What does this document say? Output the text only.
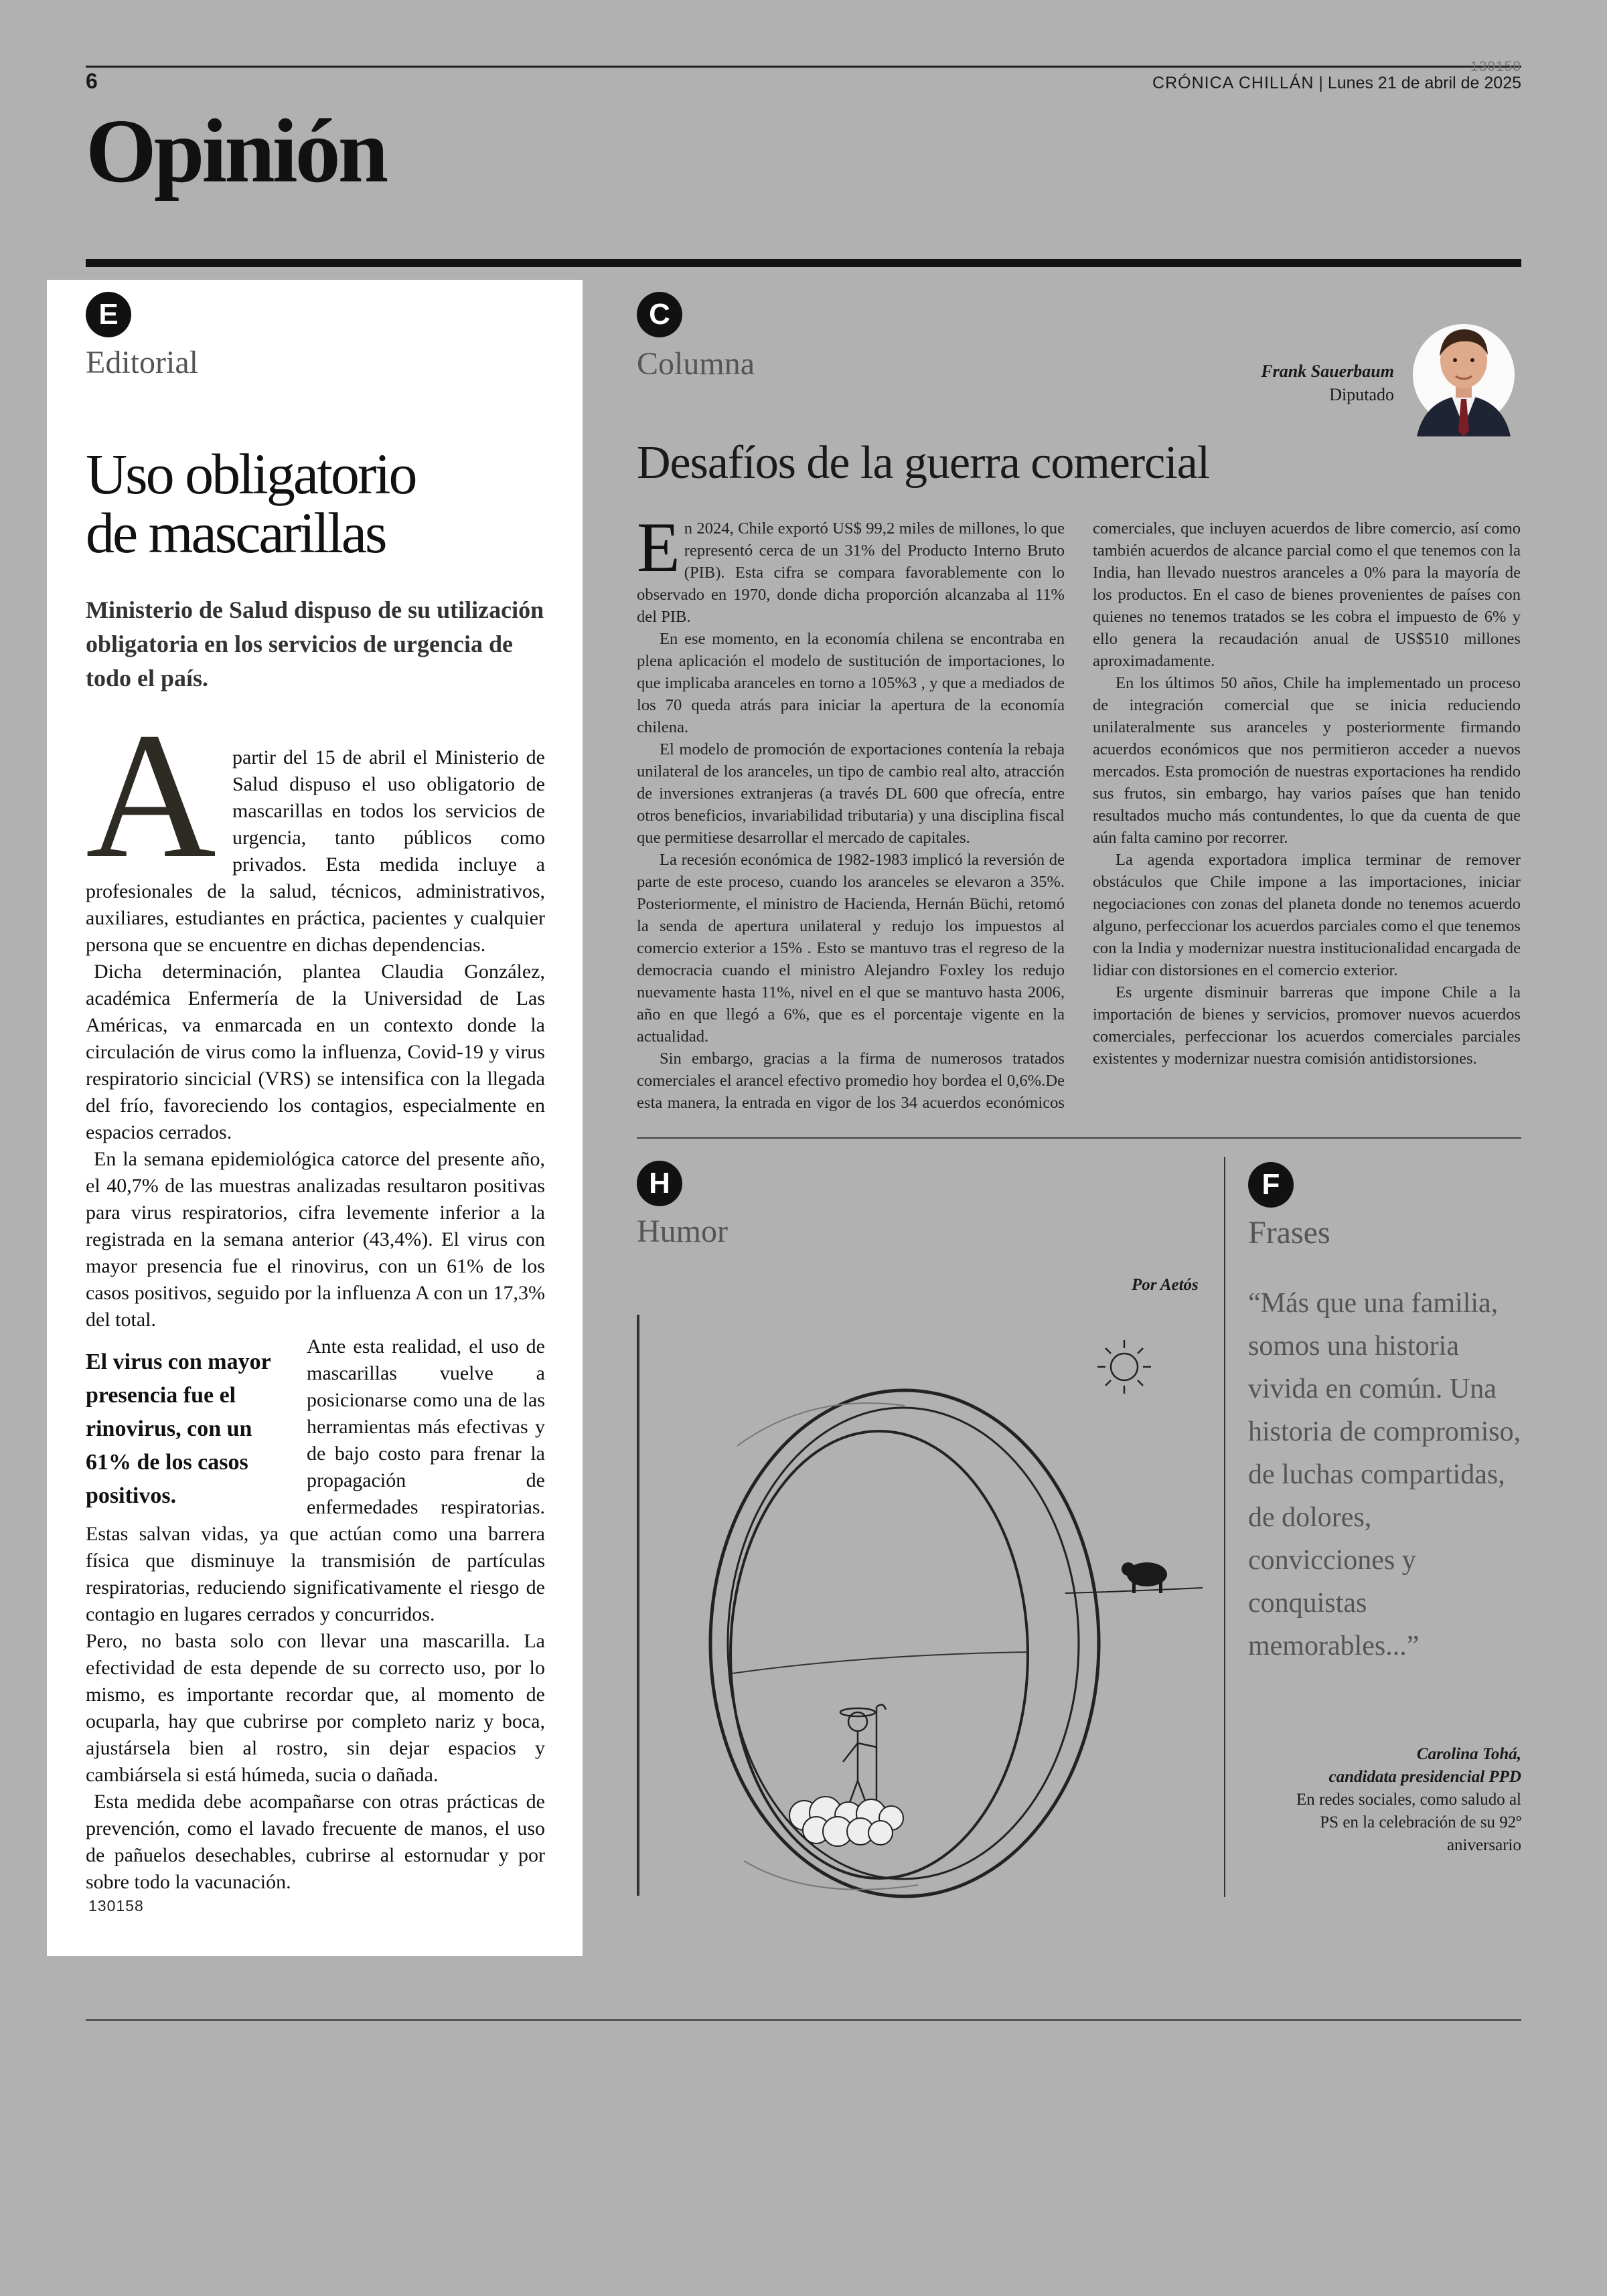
6
130158
CRÓNICA CHILLÁN | Lunes 21 de abril de 2025
Opinión
E
Editorial
Uso obligatorio
de mascarillas
Ministerio de Salud dispuso de su utilización obligatoria en los servicios de urgencia de todo el país.
A partir del 15 de abril el Ministerio de Salud dispuso el uso obligatorio de mascarillas en todos los servicios de urgencia, tanto públicos como privados. Esta medida incluye a profesionales de la salud, técnicos, administrativos, auxiliares, estudiantes en práctica, pacientes y cualquier persona que se encuentre en dichas dependencias.
Dicha determinación, plantea Claudia González, académica Enfermería de la Universidad de Las Américas, va enmarcada en un contexto donde la circulación de virus como la influenza, Covid-19 y virus respiratorio sincicial (VRS) se intensifica con la llegada del frío, favoreciendo los contagios, especialmente en espacios cerrados.
En la semana epidemiológica catorce del presente año, el 40,7% de las muestras analizadas resultaron positivas para virus respiratorios, cifra levemente inferior a la registrada en la semana anterior (43,4%). El virus con mayor presencia fue el rinovirus, con un 61% de los casos positivos, seguido por la influenza A con un 17,3% del total.
El virus con mayor presencia fue el rinovirus, con un 61% de los casos positivos.
Ante esta realidad, el uso de mascarillas vuelve a posicionarse como una de las herramientas más efectivas y de bajo costo para frenar la propagación de enfermedades respiratorias. Estas salvan vidas, ya que actúan como una barrera física que disminuye la transmisión de partículas respiratorias, reduciendo significativamente el riesgo de contagio en lugares cerrados y concurridos.
Pero, no basta solo con llevar una mascarilla. La efectividad de esta depende de su correcto uso, por lo mismo, es importante recordar que, al momento de ocuparla, hay que cubrirse por completo nariz y boca, ajustársela bien al rostro, sin dejar espacios y cambiársela si está húmeda, sucia o dañada.
Esta medida debe acompañarse con otras prácticas de prevención, como el lavado frecuente de manos, el uso de pañuelos desechables, cubrirse al estornudar y por sobre todo la vacunación.
130158
C
Columna	Frank Sauerbaum
Diputado
Desafíos de la guerra comercial

En 2024, Chile exportó US$ 99,2 miles de millones, lo que representó cerca de un 31% del Producto Interno Bruto (PIB). Esta cifra se compara favorablemente con lo observado en 1970, donde dicha proporción alcanzaba al 11% del PIB.

En ese momento, en la economía chilena se encontraba en plena aplicación el modelo de sustitución de importaciones, lo que implicaba aranceles en torno a 105%3 , y que a mediados de los 70 queda atrás para iniciar la apertura de la economía chilena.

El modelo de promoción de exportaciones contenía la rebaja unilateral de los aranceles, un tipo de cambio real alto, atracción de inversiones extranjeras (a través DL 600 que ofrecía, entre otros beneficios, invariabilidad tributaria) y una disciplina fiscal que permitiese desarrollar el mercado de capitales.

La recesión económica de 1982-1983 implicó la reversión de parte de este proceso, cuando los aranceles se elevaron a 35%. Posteriormente, el ministro de Hacienda, Hernán Büchi, retomó la senda de apertura unilateral y redujo los impuestos al comercio exterior a 15% . Esto se mantuvo tras el regreso de la democracia cuando el ministro Alejandro Foxley los redujo nuevamente hasta 11%, nivel en el que se mantuvo hasta 2006, año en que llegó a 6%, que es el porcentaje vigente en la actualidad.

Sin embargo, gracias a la firma de numerosos tratados comerciales el arancel efectivo promedio hoy bordea el 0,6%.De esta manera, la entrada en vigor de los 34 acuerdos económicos comerciales, que incluyen acuerdos de libre comercio, así como también acuerdos de alcance parcial como el que tenemos con la India, han llevado nuestros aranceles a 0% para la mayoría de los productos. En el caso de bienes provenientes de países con quienes no tenemos tratados se les cobra el impuesto de 6% y ello genera la recaudación anual de US$510 millones aproximadamente.

En los últimos 50 años, Chile ha implementado un proceso de integración comercial que se inicia reduciendo unilateralmente sus aranceles y posteriormente firmando acuerdos económicos que nos permitieron acceder a nuevos mercados. Esta promoción de nuestras exportaciones ha rendido sus frutos, sin embargo, hay varios países que han tenido resultados mucho más contundentes, lo que da cuenta de que aún falta camino por recorrer.

La agenda exportadora implica terminar de remover obstáculos que Chile impone a las importaciones, iniciar negociaciones con zonas del planeta donde no tenemos acuerdo alguno, perfeccionar los acuerdos parciales como el que tenemos con la India y modernizar nuestra institucionalidad encargada de lidiar con distorsiones en el comercio exterior.

Es urgente disminuir barreras que impone Chile a la importación de bienes y servicios, promover nuevos acuerdos comerciales, perfeccionar los acuerdos comerciales parciales existentes y modernizar nuestra comisión antidistorsiones.

H
Humor
Por Aetós
F
Frases
“Más que una familia, somos una historia vivida en común. Una historia de compromiso, de luchas compartidas, de dolores, convicciones y conquistas memorables...”
Carolina Tohá,
candidata presidencial PPD
En redes sociales, como saludo al PS en la celebración de su 92º aniversario
